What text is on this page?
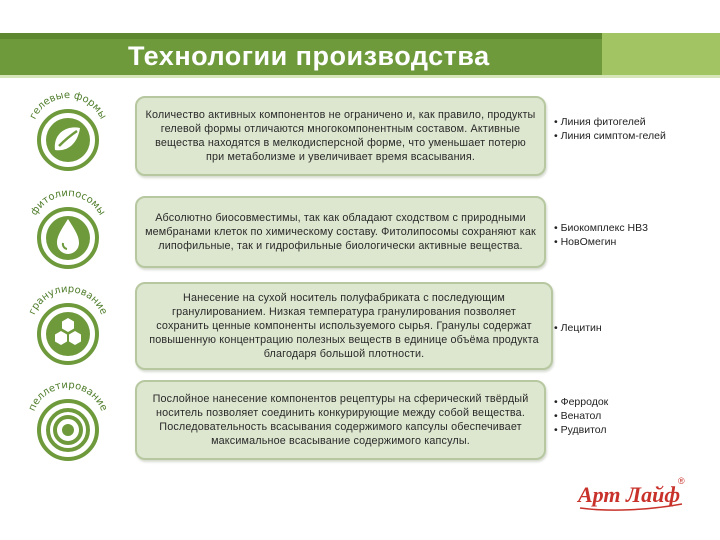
Технологии производства
гелевые формы	Количество активных компонентов не ограничено и, как правило, продукты гелевой формы отличаются многокомпонентным составом. Активные вещества находятся в мелкодисперсной форме, что уменьшает потерю при метаболизме и увеличивает время всасывания.
• Линия фитогелей
• Линия симптом-гелей
фитолипосомы
Абсолютно биосовместимы, так как обладают сходством с природными мембранами клеток по химическому составу. Фитолипосомы сохраняют как липофильные, так и гидрофильные биологически активные вещества.
• Биокомплекс НВ3
• НовОмегин
гранулирование
Нанесение на сухой носитель полуфабриката с последующим гранулированием. Низкая температура гранулирования позволяет сохранить ценные компоненты используемого сырья. Гранулы содержат повышенную концентрацию полезных веществ в единице объёма продукта благодаря большой плотности.
• Лецитин
пеллетирование
Послойное нанесение компонентов рецептуры на сферический твёрдый носитель позволяет соединить конкурирующие между собой вещества. Последовательность всасывания содержимого капсулы обеспечивает максимальное всасывание содержимого капсулы.
• Ферродок
• Венатол
• Рудвитол
Арт Лайф
®
